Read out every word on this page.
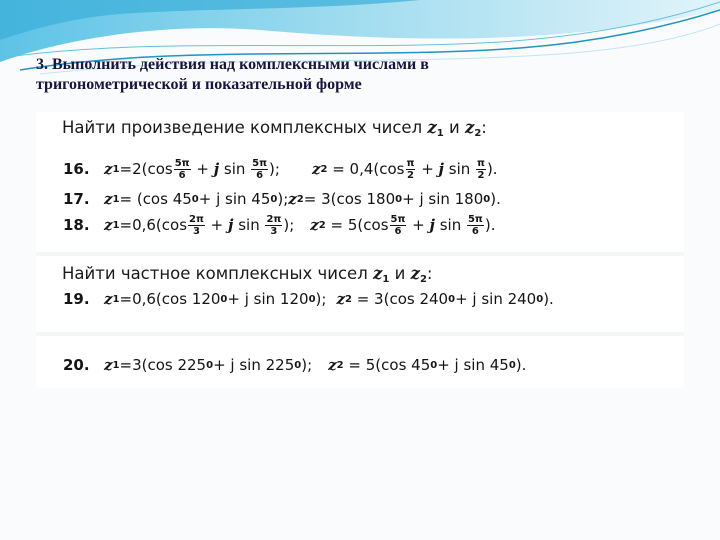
3. Выполнить действия над комплексными числами в
тригонометрической и показательной форме
Найти произведение комплексных чисел $z_1$ и $z_2$:
16. z $1 =2(\cos \frac{5\pi}{6} + j$ $\sin \frac{5\pi}{6}$ ); z 2
= $0,4(\cos \frac{\pi}{2} + j$ $\sin \frac{\pi}{2}$ ).
17. z 1 = (cos 45 0 + j sin 45 0 ); z 2 = 3(cos 180 0 + j sin 180 0 ).
18. z $1 =0,6(\cos \frac{2\pi}{3} + j$ $\sin \frac{2\pi}{3}$ ); z 2
= $5(\cos \frac{5\pi}{6} + j$ $\sin \frac{5\pi}{6}$ ).
Найти частное комплексных чисел $z_1$ и $z_2$:
19. z 1 =0,6(cos 120 0 + j sin 120 0 ); z 2
= 3(cos 240 0 + j sin 240 0 ).
20. z 1 =3(cos 225 0 + j sin 225 0 ); z 2
= 5(cos 45 0 + j sin 45 0 ).
